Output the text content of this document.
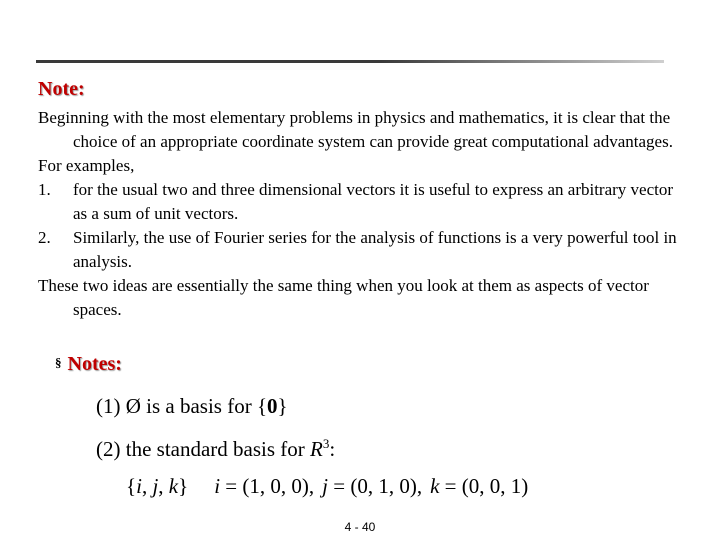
Note:

Beginning with the most elementary problems in physics and mathematics, it is clear that the choice of an appropriate coordinate system can provide great computational advantages.

For examples,

1. for the usual two and three dimensional vectors it is useful to express an arbitrary vector as a sum of unit vectors.

2. Similarly, the use of Fourier series for the analysis of functions is a very powerful tool in analysis.

These two ideas are essentially the same thing when you look at them as aspects of vector spaces.

§ Notes:
(1) Ø is a basis for {0}
(2) the standard basis for $R^3$:
{i, j, k} i = (1, 0, 0), j = (0, 1, 0), k = (0, 0, 1)
4 - 40
